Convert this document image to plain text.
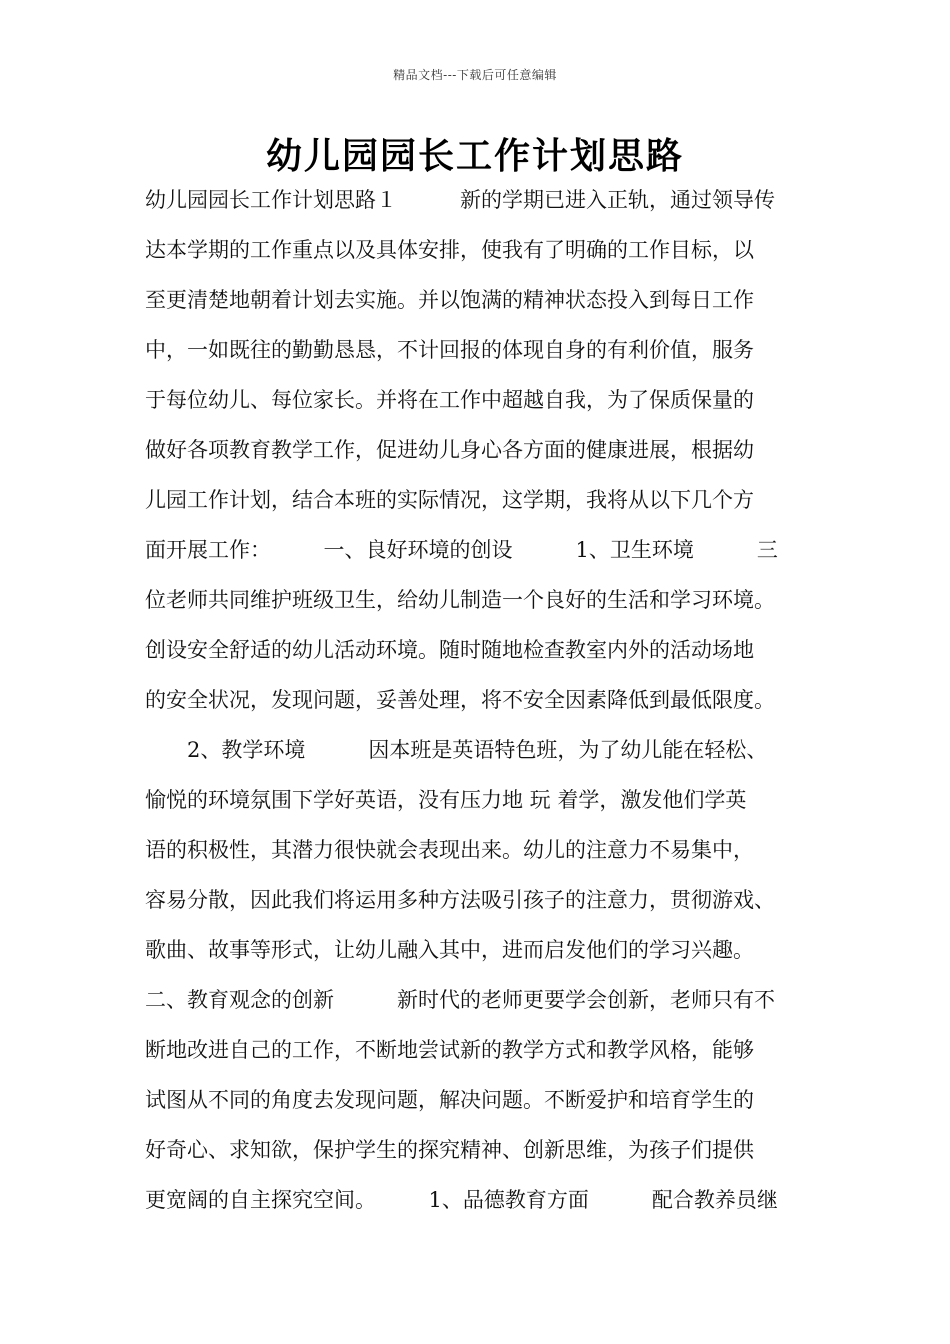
精品文档---下载后可任意编辑
幼儿园园长工作计划思路
幼儿园园长工作计划思路１　　　新的学期已进入正轨，通过领导传
达本学期的工作重点以及具体安排，使我有了明确的工作目标，以
至更清楚地朝着计划去实施。并以饱满的精神状态投入到每日工作
中，一如既往的勤勤恳恳，不计回报的体现自身的有利价值，服务
于每位幼儿、每位家长。并将在工作中超越自我，为了保质保量的
做好各项教育教学工作，促进幼儿身心各方面的健康进展，根据幼
儿园工作计划，结合本班的实际情况，这学期，我将从以下几个方
面开展工作：　　　一、良好环境的创设　　　1、卫生环境　　　三
位老师共同维护班级卫生，给幼儿制造一个良好的生活和学习环境。
创设安全舒适的幼儿活动环境。随时随地检查教室内外的活动场地
的安全状况，发现问题，妥善处理，将不安全因素降低到最低限度。
　　2、教学环境　　　因本班是英语特色班，为了幼儿能在轻松、
愉悦的环境氛围下学好英语，没有压力地 玩 着学，激发他们学英
语的积极性，其潜力很快就会表现出来。幼儿的注意力不易集中，
容易分散，因此我们将运用多种方法吸引孩子的注意力，贯彻游戏、
歌曲、故事等形式，让幼儿融入其中，进而启发他们的学习兴趣。
二、教育观念的创新　　　新时代的老师更要学会创新，老师只有不
断地改进自己的工作，不断地尝试新的教学方式和教学风格，能够
试图从不同的角度去发现问题，解决问题。不断爱护和培育学生的
好奇心、求知欲，保护学生的探究精神、创新思维，为孩子们提供
更宽阔的自主探究空间。　　　1、品德教育方面　　　配合教养员继
